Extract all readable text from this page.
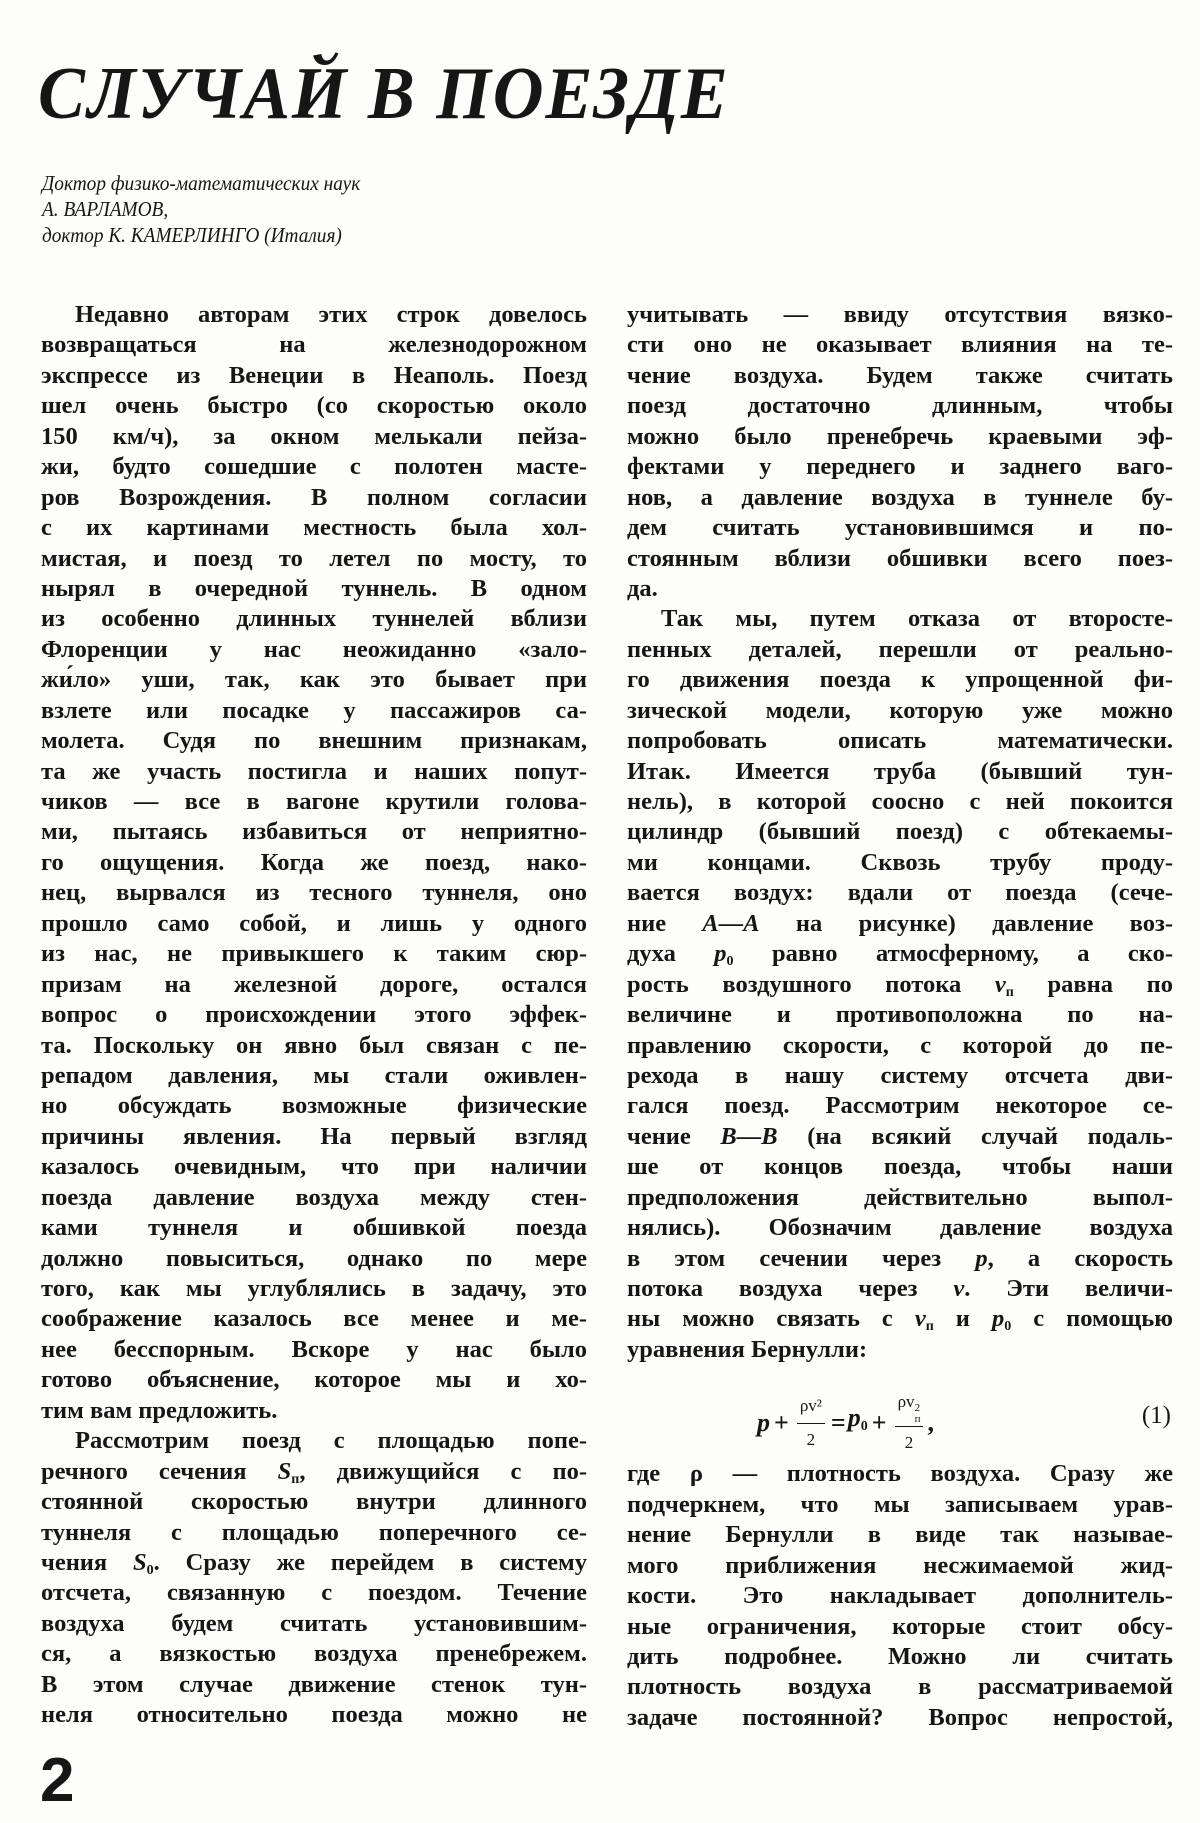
СЛУЧАЙ В ПОЕЗДЕ
Доктор физико-математических наук
А. ВАРЛАМОВ,
доктор К. КАМЕРЛИНГО (Италия)
Недавно авторам этих строк довелось
возвращаться на железнодорожном
экспрессе из Венеции в Неаполь. Поезд
шел очень быстро (со скоростью около
150 км/ч), за окном мелькали пейза-
жи, будто сошедшие с полотен масте-
ров Возрождения. В полном согласии
с их картинами местность была хол-
мистая, и поезд то летел по мосту, то
нырял в очередной туннель. В одном
из особенно длинных туннелей вблизи
Флоренции у нас неожиданно «зало-
жи́ло» уши, так, как это бывает при
взлете или посадке у пассажиров са-
молета. Судя по внешним признакам,
та же участь постигла и наших попут-
чиков — все в вагоне крутили голова-
ми, пытаясь избавиться от неприятно-
го ощущения. Когда же поезд, нако-
нец, вырвался из тесного туннеля, оно
прошло само собой, и лишь у одного
из нас, не привыкшего к таким сюр-
призам на железной дороге, остался
вопрос о происхождении этого эффек-
та. Поскольку он явно был связан с пе-
репадом давления, мы стали оживлен-
но обсуждать возможные физические
причины явления. На первый взгляд
казалось очевидным, что при наличии
поезда давление воздуха между стен-
ками туннеля и обшивкой поезда
должно повыситься, однако по мере
того, как мы углублялись в задачу, это
соображение казалось все менее и ме-
нее бесспорным. Вскоре у нас было
готово объяснение, которое мы и хо-
тим вам предложить.
Рассмотрим поезд с площадью попе-
речного сечения $S_п$, движущийся с по-
стоянной скоростью внутри длинного
туннеля с площадью поперечного се-
чения $S_0$. Сразу же перейдем в систему
отсчета, связанную с поездом. Течение
воздуха будем считать установившим-
ся, а вязкостью воздуха пренебрежем.
В этом случае движение стенок тун-
неля относительно поезда можно не
учитывать — ввиду отсутствия вязко-
сти оно не оказывает влияния на те-
чение воздуха. Будем также считать
поезд достаточно длинным, чтобы
можно было пренебречь краевыми эф-
фектами у переднего и заднего ваго-
нов, а давление воздуха в туннеле бу-
дем считать установившимся и по-
стоянным вблизи обшивки всего поез-
да.
Так мы, путем отказа от второсте-
пенных деталей, перешли от реально-
го движения поезда к упрощенной фи-
зической модели, которую уже можно
попробовать описать математически.
Итак. Имеется труба (бывший тун-
нель), в которой соосно с ней покоится
цилиндр (бывший поезд) с обтекаемы-
ми концами. Сквозь трубу проду-
вается воздух: вдали от поезда (сече-
ние A—A на рисунке) давление воз-
духа $p_0$ равно атмосферному, а ско-
рость воздушного потока $v_п$ равна по
величине и противоположна по на-
правлению скорости, с которой до пе-
рехода в нашу систему отсчета дви-
гался поезд. Рассмотрим некоторое се-
чение B—B (на всякий случай подаль-
ше от концов поезда, чтобы наши
предположения действительно выпол-
нялись). Обозначим давление воздуха
в этом сечении через p, а скорость
потока воздуха через v. Эти величи-
ны можно связать с $v_п$ и $p_0$ с помощью
уравнения Бернулли:
$p + \frac{\text{ρv²}}{2} = p_0 + \rho v$ 2
п
2 ,	(1)
где ρ — плотность воздуха. Сразу же
подчеркнем, что мы записываем урав-
нение Бернулли в виде так называе-
мого приближения несжимаемой жид-
кости. Это накладывает дополнитель-
ные ограничения, которые стоит обсу-
дить подробнее. Можно ли считать
плотность воздуха в рассматриваемой
задаче постоянной? Вопрос непростой,
2
